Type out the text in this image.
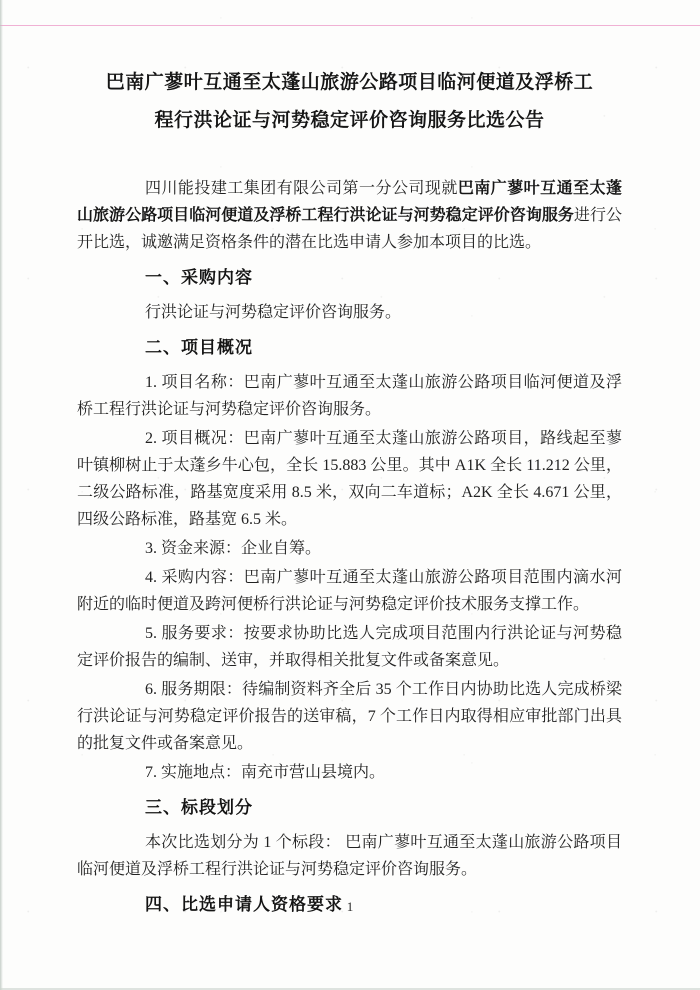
巴南广蓼叶互通至太蓬山旅游公路项目临河便道及浮桥工
程行洪论证与河势稳定评价咨询服务比选公告

四川能投建工集团有限公司第一分公司现就巴南广蓼叶互通至太蓬山旅游公路项目临河便道及浮桥工程行洪论证与河势稳定评价咨询服务进行公开比选，诚邀满足资格条件的潜在比选申请人参加本项目的比选。

一、采购内容

行洪论证与河势稳定评价咨询服务。

二、项目概况

1. 项目名称：巴南广蓼叶互通至太蓬山旅游公路项目临河便道及浮桥工程行洪论证与河势稳定评价咨询服务。

2. 项目概况：巴南广蓼叶互通至太蓬山旅游公路项目，路线起至蓼叶镇柳树止于太蓬乡牛心包，全长 15.883 公里。其中 A1K 全长 11.212 公里，二级公路标准，路基宽度采用 8.5 米，双向二车道标；A2K 全长 4.671 公里，四级公路标准，路基宽 6.5 米。

3. 资金来源：企业自筹。

4. 采购内容：巴南广蓼叶互通至太蓬山旅游公路项目范围内滴水河附近的临时便道及跨河便桥行洪论证与河势稳定评价技术服务支撑工作。

5. 服务要求：按要求协助比选人完成项目范围内行洪论证与河势稳定评价报告的编制、送审，并取得相关批复文件或备案意见。

6. 服务期限：待编制资料齐全后 35 个工作日内协助比选人完成桥梁行洪论证与河势稳定评价报告的送审稿，7 个工作日内取得相应审批部门出具的批复文件或备案意见。

7. 实施地点：南充市营山县境内。

三、标段划分

本次比选划分为 1 个标段： 巴南广蓼叶互通至太蓬山旅游公路项目临河便道及浮桥工程行洪论证与河势稳定评价咨询服务。

四、比选申请人资格要求 1
